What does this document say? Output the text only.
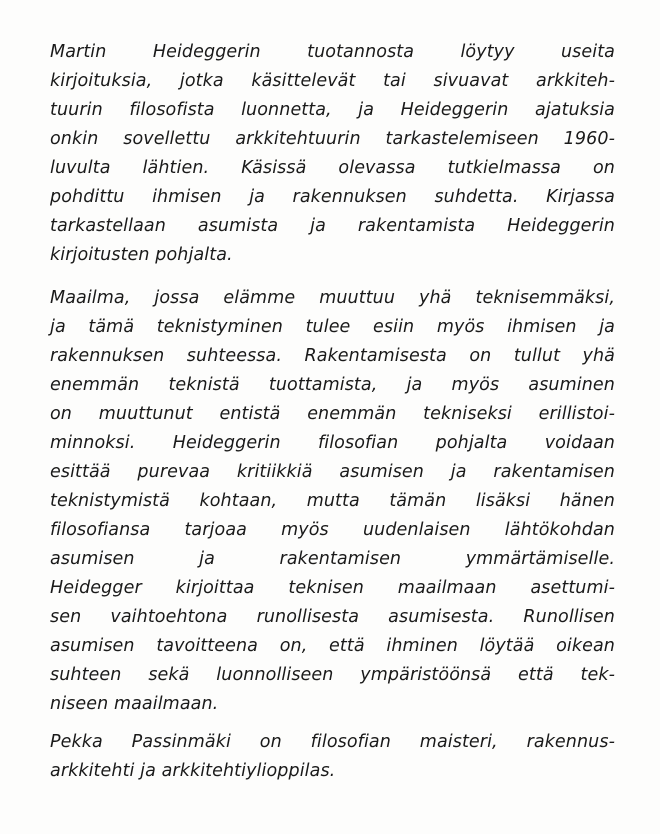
Martin Heideggerin tuotannosta löytyy useita
kirjoituksia, jotka käsittelevät tai sivuavat arkkiteh-
tuurin filosofista luonnetta, ja Heideggerin ajatuksia
onkin sovellettu arkkitehtuurin tarkastelemiseen 1960-
luvulta lähtien. Käsissä olevassa tutkielmassa on
pohdittu ihmisen ja rakennuksen suhdetta. Kirjassa
tarkastellaan asumista ja rakentamista Heideggerin
kirjoitusten pohjalta.
Maailma, jossa elämme muuttuu yhä teknisemmäksi,
ja tämä teknistyminen tulee esiin myös ihmisen ja
rakennuksen suhteessa. Rakentamisesta on tullut yhä
enemmän teknistä tuottamista, ja myös asuminen
on muuttunut entistä enemmän tekniseksi erillistoi-
minnoksi. Heideggerin filosofian pohjalta voidaan
esittää purevaa kritiikkiä asumisen ja rakentamisen
teknistymistä kohtaan, mutta tämän lisäksi hänen
filosofiansa tarjoaa myös uudenlaisen lähtökohdan
asumisen ja rakentamisen ymmärtämiselle.
Heidegger kirjoittaa teknisen maailmaan asettumi-
sen vaihtoehtona runollisesta asumisesta. Runollisen
asumisen tavoitteena on, että ihminen löytää oikean
suhteen sekä luonnolliseen ympäristöönsä että tek-
niseen maailmaan.
Pekka Passinmäki on filosofian maisteri, rakennus-
arkkitehti ja arkkitehtiylioppilas.
